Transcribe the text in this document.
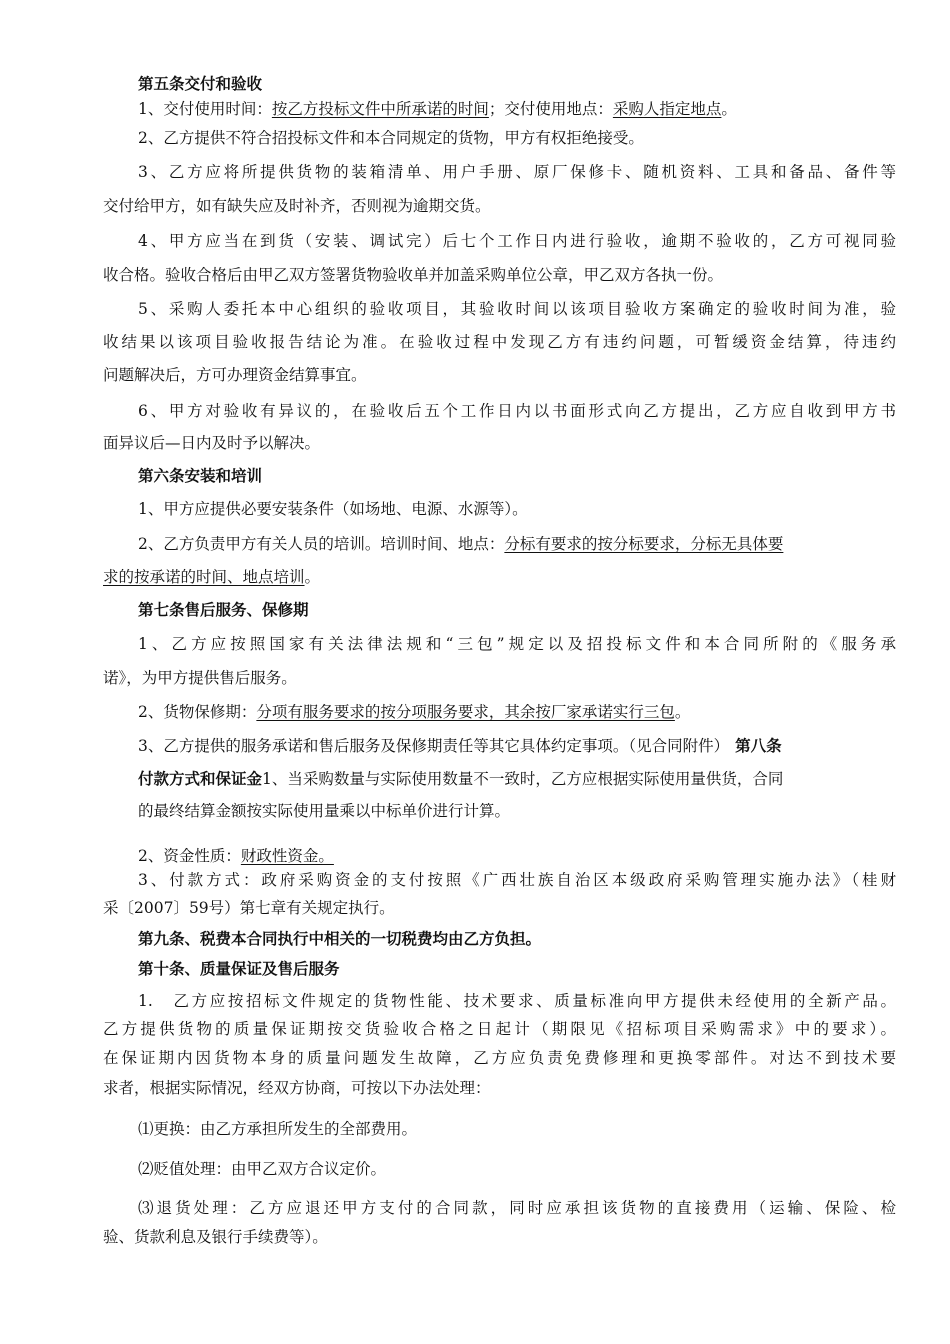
第五条交付和验收
1、交付使用时间：按乙方投标文件中所承诺的时间；交付使用地点：采购人指定地点。
2、乙方提供不符合招投标文件和本合同规定的货物，甲方有权拒绝接受。
3、乙方应将所提供货物的装箱清单、用户手册、原厂保修卡、随机资料、工具和备品、备件等
交付给甲方，如有缺失应及时补齐，否则视为逾期交货。
4、甲方应当在到货（安装、调试完）后七个工作日内进行验收，逾期不验收的，乙方可视同验
收合格。验收合格后由甲乙双方签署货物验收单并加盖采购单位公章，甲乙双方各执一份。
5、采购人委托本中心组织的验收项目，其验收时间以该项目验收方案确定的验收时间为准，验
收结果以该项目验收报告结论为准。在验收过程中发现乙方有违约问题，可暂缓资金结算，待违约
问题解决后，方可办理资金结算事宜。
6、甲方对验收有异议的，在验收后五个工作日内以书面形式向乙方提出，乙方应自收到甲方书
面异议后—日内及时予以解决。
第六条安装和培训
1、甲方应提供必要安装条件（如场地、电源、水源等）。
2、乙方负责甲方有关人员的培训。培训时间、地点：分标有要求的按分标要求，分标无具体要
求的按承诺的时间、地点培训。
第七条售后服务、保修期
1、乙方应按照国家有关法律法规和“三包”规定以及招投标文件和本合同所附的《服务承
诺》，为甲方提供售后服务。
2、货物保修期：分项有服务要求的按分项服务要求，其余按厂家承诺实行三包。
3、乙方提供的服务承诺和售后服务及保修期责任等其它具体约定事项。（见合同附件） 第八条
付款方式和保证金1、当采购数量与实际使用数量不一致时，乙方应根据实际使用量供货，合同
的最终结算金额按实际使用量乘以中标单价进行计算。
2、资金性质：财政性资金。
3、付款方式：政府采购资金的支付按照《广西壮族自治区本级政府采购管理实施办法》（桂财
采〔2007〕59号）第七章有关规定执行。
第九条、税费本合同执行中相关的一切税费均由乙方负担。
第十条、质量保证及售后服务
1.　乙方应按招标文件规定的货物性能、技术要求、质量标准向甲方提供未经使用的全新产品。
乙方提供货物的质量保证期按交货验收合格之日起计（期限见《招标项目采购需求》中的要求）。
在保证期内因货物本身的质量问题发生故障，乙方应负责免费修理和更换零部件。对达不到技术要
求者，根据实际情况，经双方协商，可按以下办法处理：
⑴更换：由乙方承担所发生的全部费用。
⑵贬值处理：由甲乙双方合议定价。
⑶退货处理：乙方应退还甲方支付的合同款，同时应承担该货物的直接费用（运输、保险、检
验、货款利息及银行手续费等）。
